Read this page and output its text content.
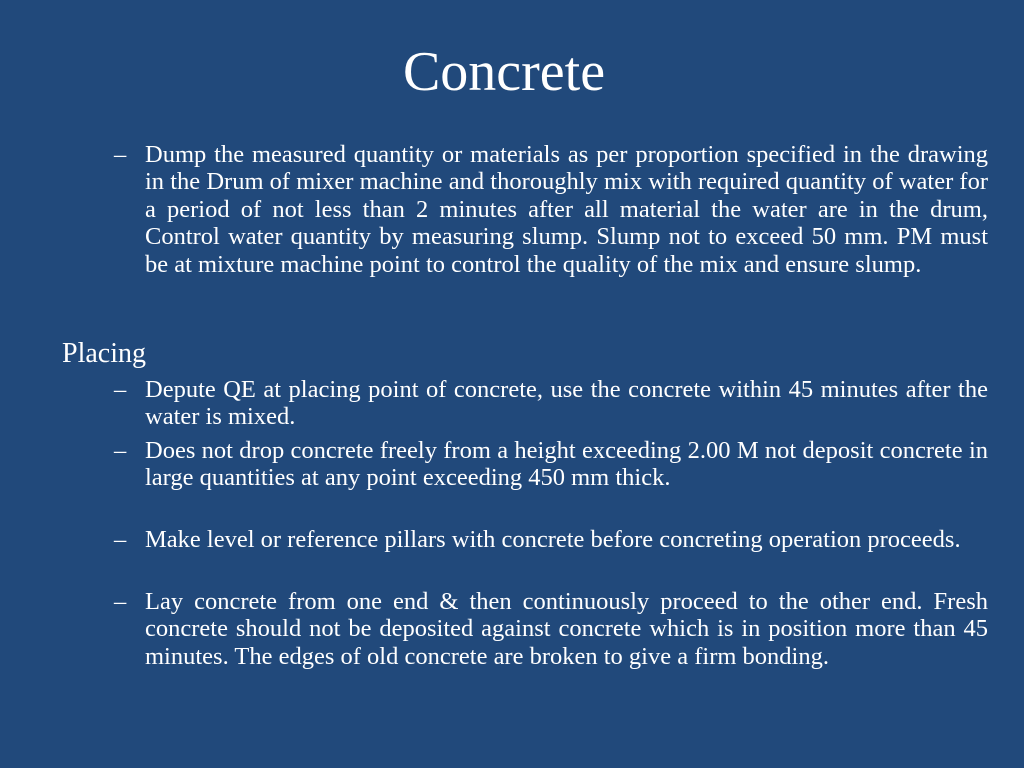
Concrete
– Dump the measured quantity or materials as per proportion specified in the drawing in the Drum of mixer machine and thoroughly mix with required quantity of water for a period of not less than 2 minutes after all material the water are in the drum, Control water quantity by measuring slump. Slump not to exceed 50 mm. PM must be at mixture machine point to control the quality of the mix and ensure slump.

Placing

– Depute QE at placing point of concrete, use the concrete within 45 minutes after the water is mixed.
– Does not drop concrete freely from a height exceeding 2.00 M not deposit concrete in large quantities at any point exceeding 450 mm thick.
– Make level or reference pillars with concrete before concreting operation proceeds.
– Lay concrete from one end & then continuously proceed to the other end. Fresh concrete should not be deposited against concrete which is in position more than 45 minutes. The edges of old concrete are broken to give a firm bonding.
